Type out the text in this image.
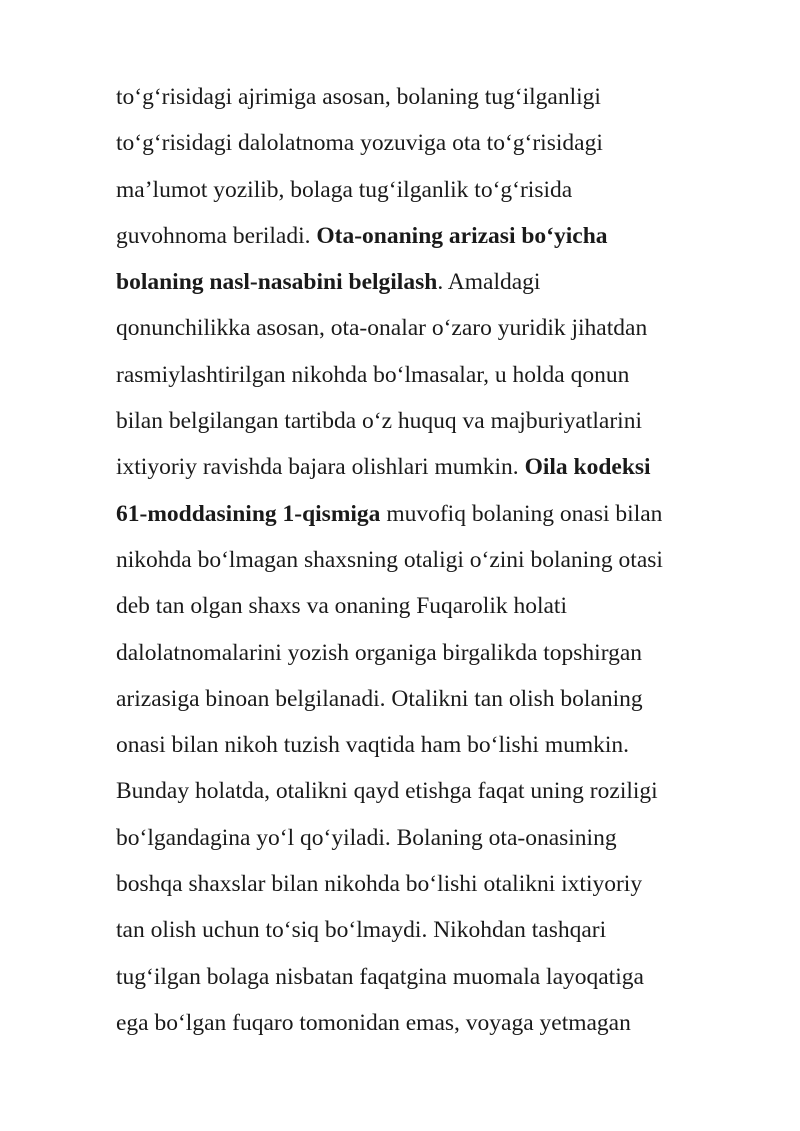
to‘g‘risidagi ajrimiga asosan, bolaning tug‘ilganligi

to‘g‘risidagi dalolatnoma yozuviga ota to‘g‘risidagi

ma’lumot yozilib, bolaga tug‘ilganlik to‘g‘risida

guvohnoma beriladi. Ota-onaning arizasi bo‘yicha

bolaning nasl-nasabini belgilash. Amaldagi

qonunchilikka asosan, ota-onalar o‘zaro yuridik jihatdan

rasmiylashtirilgan nikohda bo‘lmasalar, u holda qonun

bilan belgilangan tartibda o‘z huquq va majburiyatlarini

ixtiyoriy ravishda bajara olishlari mumkin. Oila kodeksi

61-moddasining 1-qismiga muvofiq bolaning onasi bilan

nikohda bo‘lmagan shaxsning otaligi o‘zini bolaning otasi

deb tan olgan shaxs va onaning Fuqarolik holati

dalolatnomalarini yozish organiga birgalikda topshirgan

arizasiga binoan belgilanadi. Otalikni tan olish bolaning

onasi bilan nikoh tuzish vaqtida ham bo‘lishi mumkin.

Bunday holatda, otalikni qayd etishga faqat uning roziligi

bo‘lgandagina yo‘l qo‘yiladi. Bolaning ota-onasining

boshqa shaxslar bilan nikohda bo‘lishi otalikni ixtiyoriy

tan olish uchun to‘siq bo‘lmaydi. Nikohdan tashqari

tug‘ilgan bolaga nisbatan faqatgina muomala layoqatiga

ega bo‘lgan fuqaro tomonidan emas, voyaga yetmagan
